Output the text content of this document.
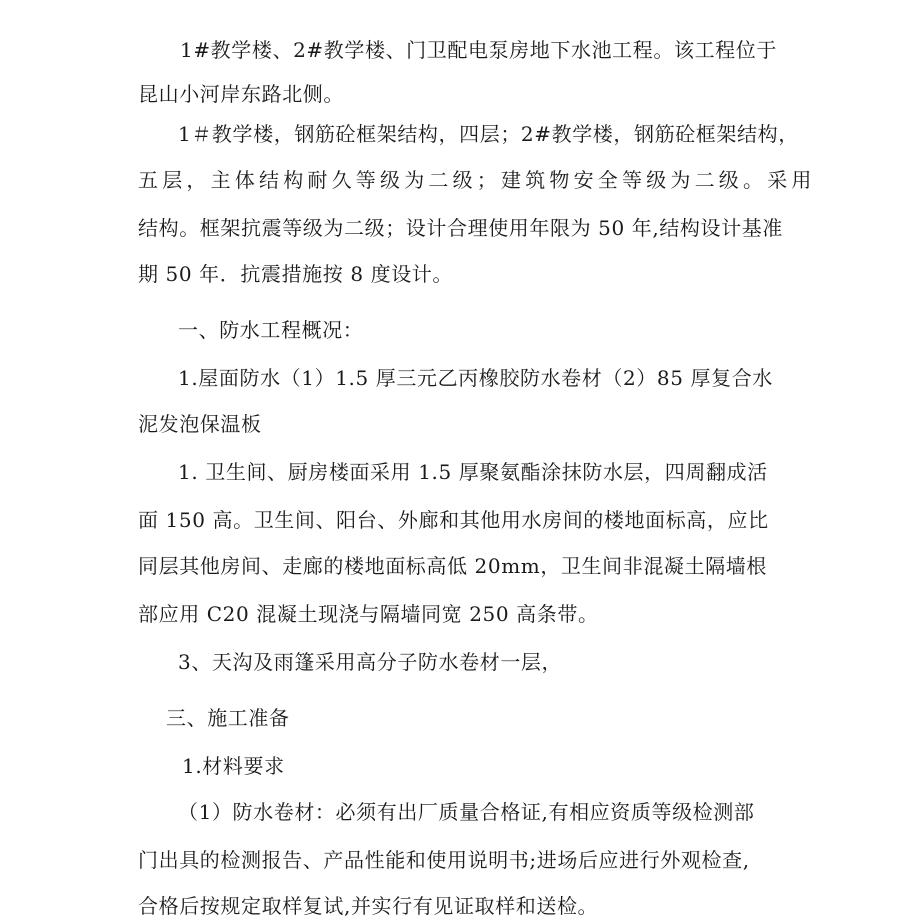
1#教学楼、2#教学楼、门卫配电泵房地下水池工程。该工程位于
昆山小河岸东路北侧。
1＃教学楼，钢筋砼框架结构，四层；2#教学楼，钢筋砼框架结构，
五层，主体结构耐久等级为二级；建筑物安全等级为二级。采用
结构。框架抗震等级为二级；设计合理使用年限为 50 年,结构设计基准
期 50 年．抗震措施按 8 度设计。
一、防水工程概况：
1.屋面防水（1）1.5 厚三元乙丙橡胶防水卷材（2）85 厚复合水
泥发泡保温板
1. 卫生间、厨房楼面采用 1.5 厚聚氨酯涂抹防水层，四周翻成活
面 150 高。卫生间、阳台、外廊和其他用水房间的楼地面标高，应比
同层其他房间、走廊的楼地面标高低 20mm，卫生间非混凝土隔墙根
部应用 C20 混凝土现浇与隔墙同宽 250 高条带。
3、天沟及雨篷采用高分子防水卷材一层，
三、施工准备
1.材料要求
（1）防水卷材：必须有出厂质量合格证,有相应资质等级检测部
门出具的检测报告、产品性能和使用说明书;进场后应进行外观检查,
合格后按规定取样复试,并实行有见证取样和送检。
